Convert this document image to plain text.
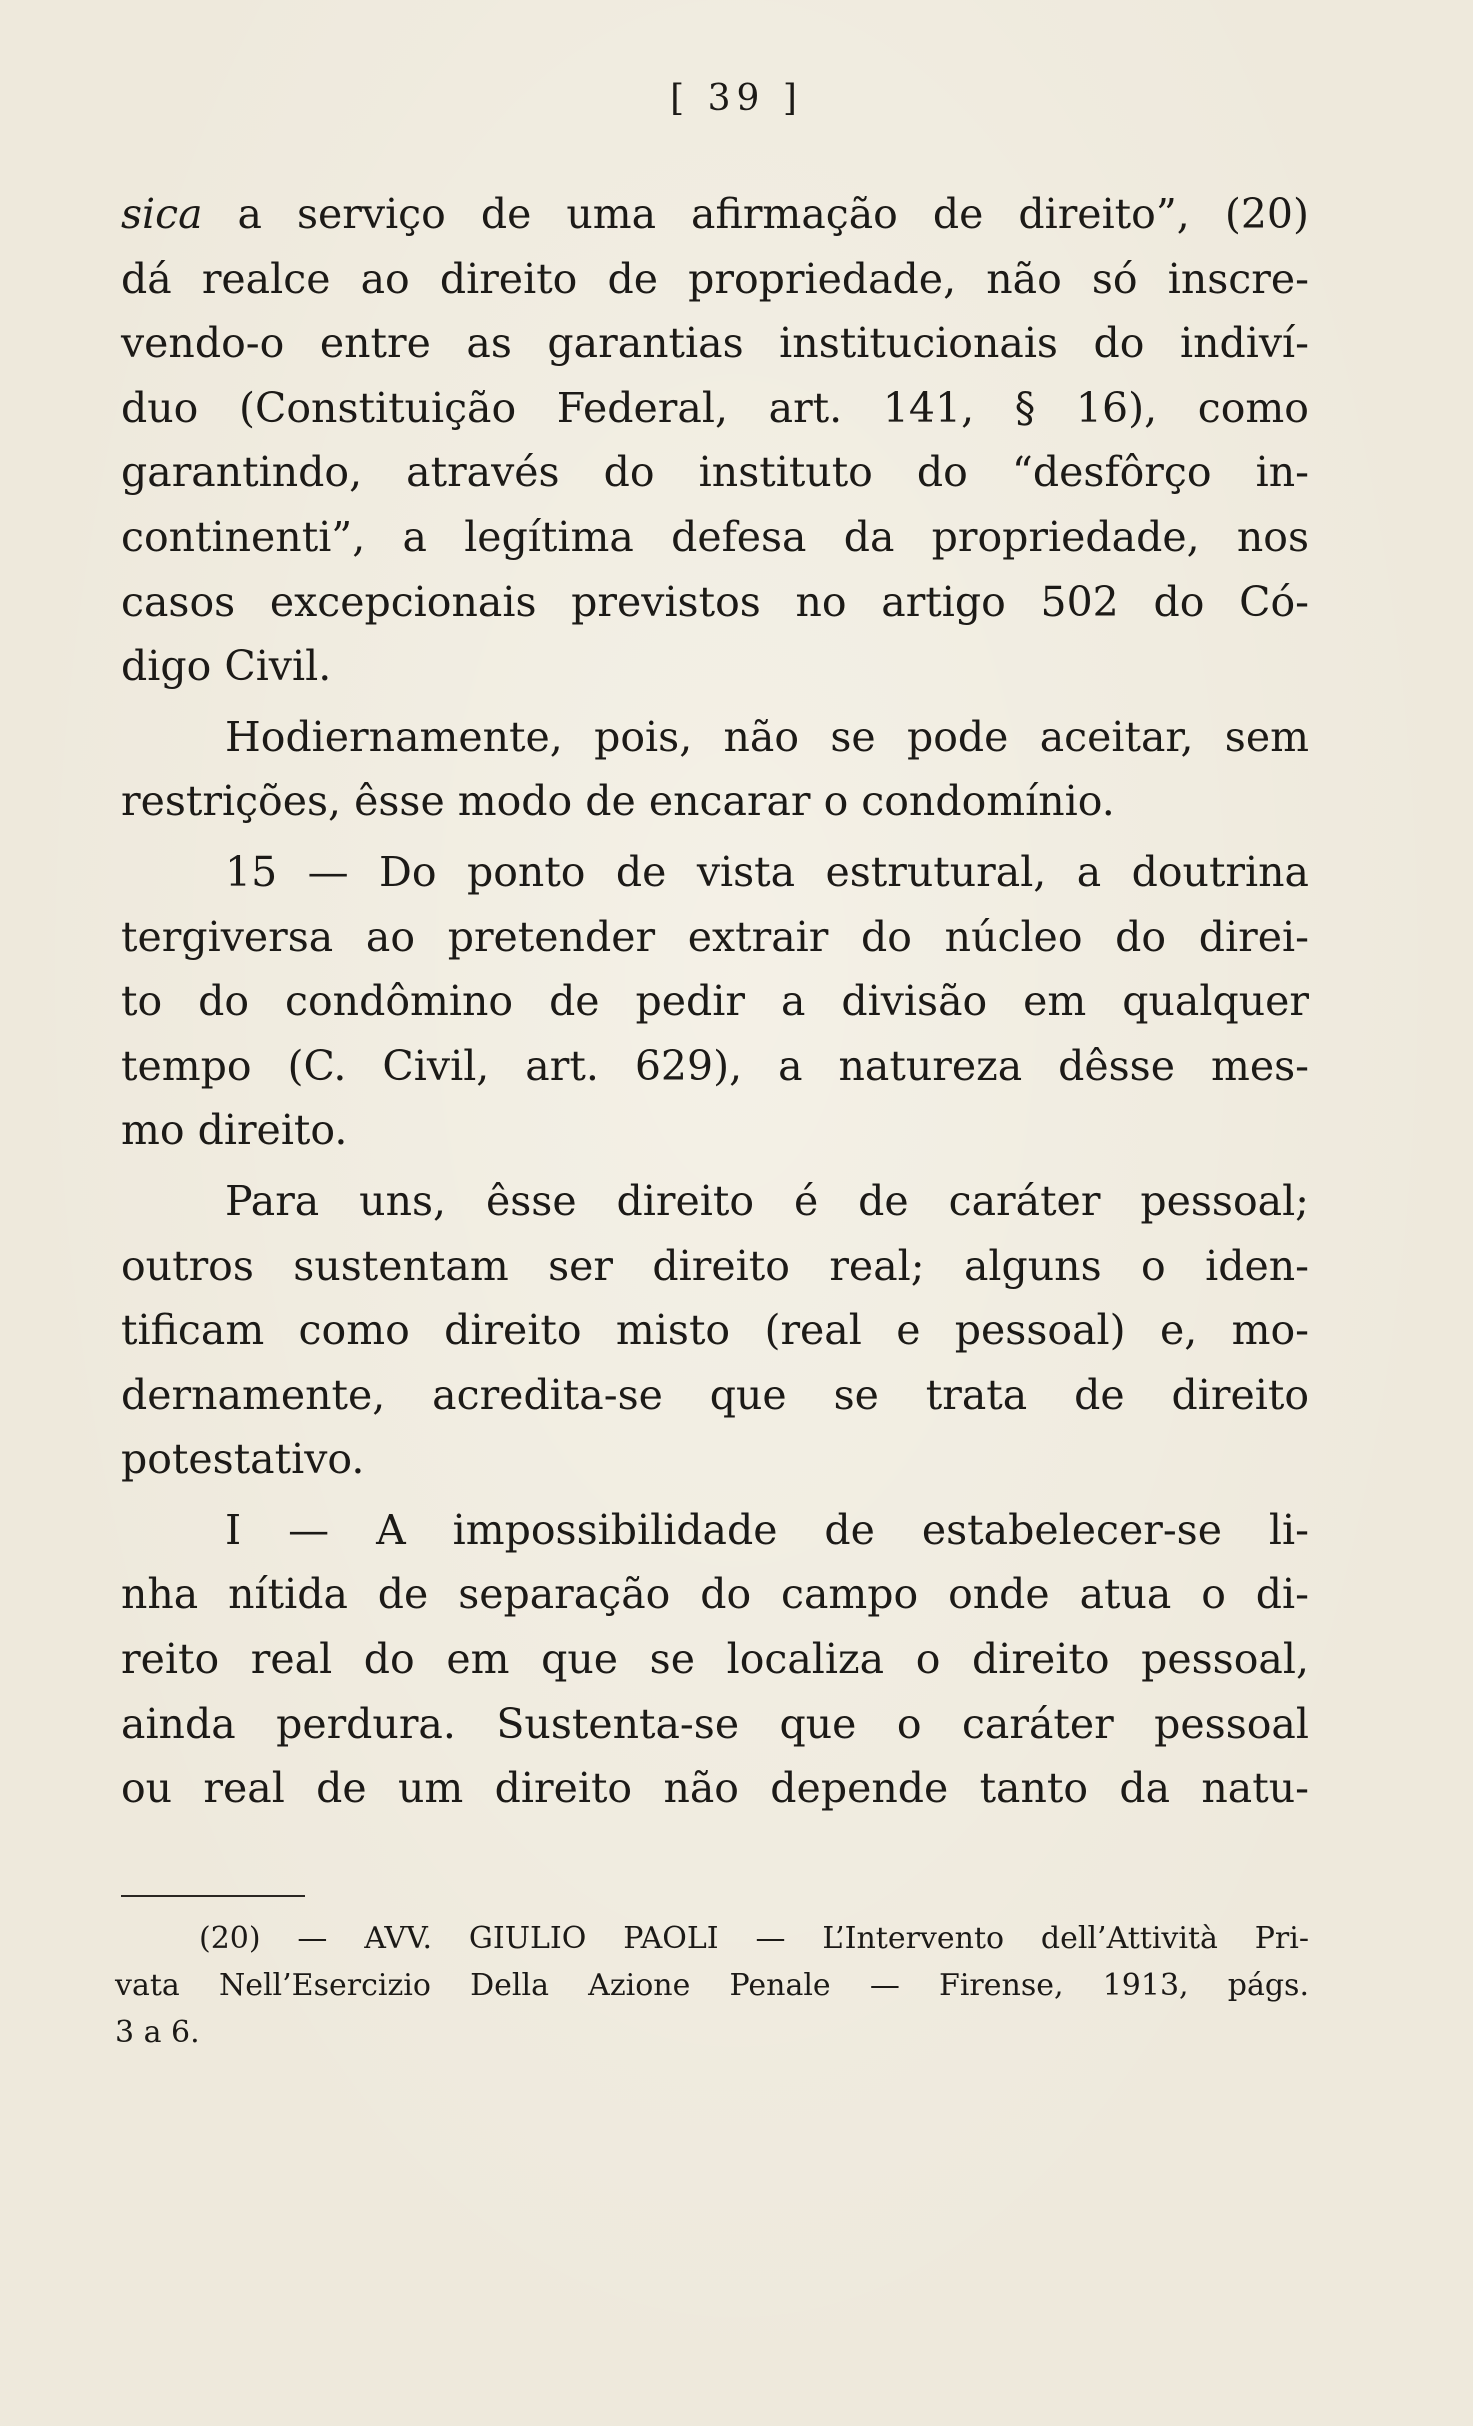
[ 39 ]
sica a serviço de uma afirmação de direito”, (20)
dá realce ao direito de propriedade, não só inscre-
vendo-o entre as garantias institucionais do indiví-
duo (Constituição Federal, art. 141, § 16), como
garantindo, através do instituto do “desfôrço in-
continenti”, a legítima defesa da propriedade, nos
casos excepcionais previstos no artigo 502 do Có-
digo Civil.
Hodiernamente, pois, não se pode aceitar, sem
restrições, êsse modo de encarar o condomínio.
15 — Do ponto de vista estrutural, a doutrina
tergiversa ao pretender extrair do núcleo do direi-
to do condômino de pedir a divisão em qualquer
tempo (C. Civil, art. 629), a natureza dêsse mes-
mo direito.
Para uns, êsse direito é de caráter pessoal;
outros sustentam ser direito real; alguns o iden-
tificam como direito misto (real e pessoal) e, mo-
dernamente, acredita-se que se trata de direito
potestativo.
I — A impossibilidade de estabelecer-se li-
nha nítida de separação do campo onde atua o di-
reito real do em que se localiza o direito pessoal,
ainda perdura. Sustenta-se que o caráter pessoal
ou real de um direito não depende tanto da natu-
(20) — AVV. GIULIO PAOLI — L’Intervento dell’Attività Pri-
vata Nell’Esercizio Della Azione Penale — Firense, 1913, págs.
3 a 6.
